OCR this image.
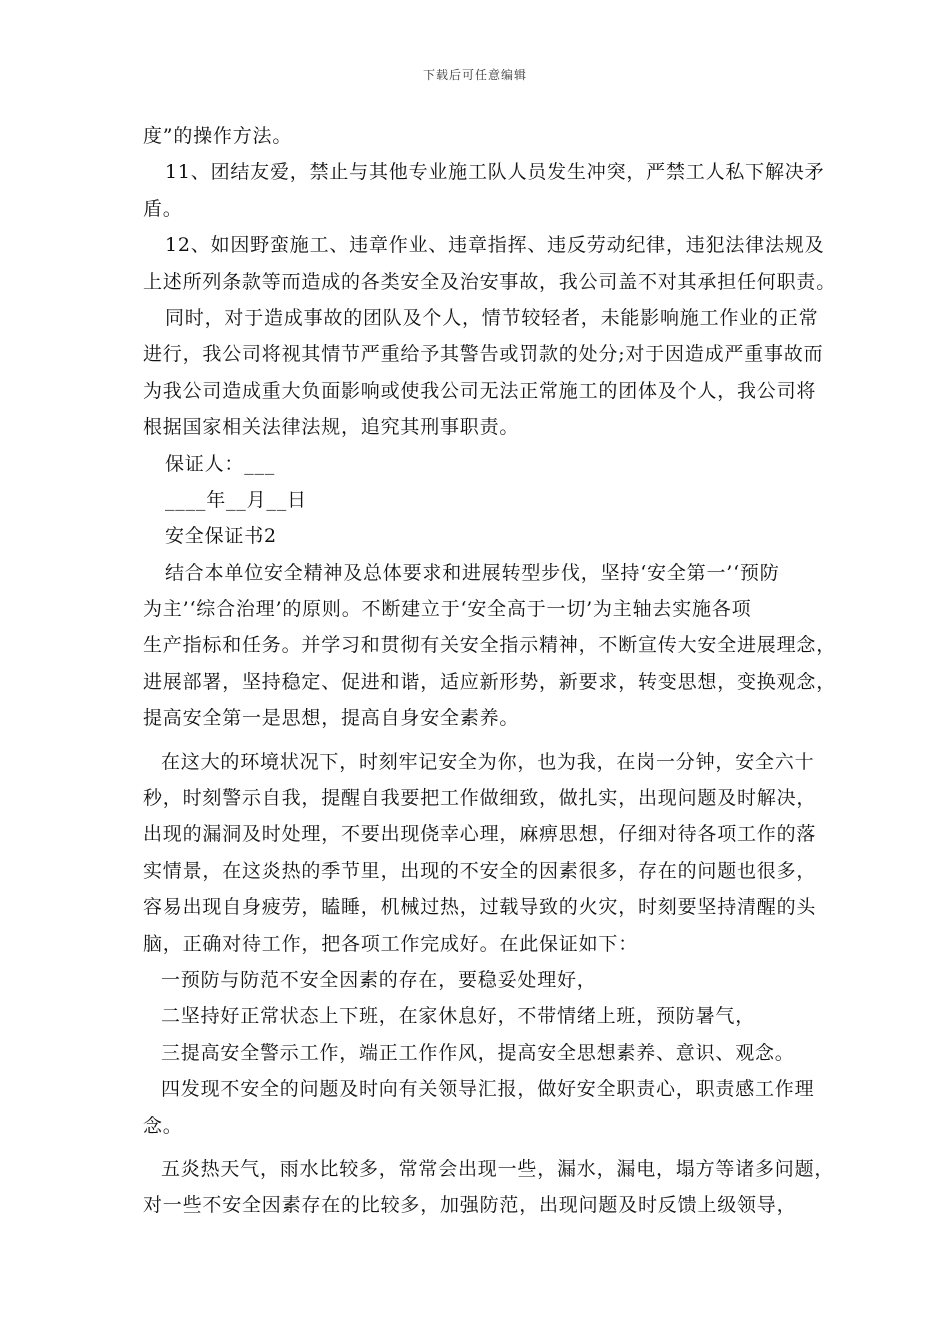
下载后可任意编辑
度”的操作方法。
11、团结友爱，禁止与其他专业施工队人员发生冲突，严禁工人私下解决矛
盾。
12、如因野蛮施工、违章作业、违章指挥、违反劳动纪律，违犯法律法规及
上述所列条款等而造成的各类安全及治安事故，我公司盖不对其承担任何职责。
同时，对于造成事故的团队及个人，情节较轻者，未能影响施工作业的正常
进行，我公司将视其情节严重给予其警告或罚款的处分;对于因造成严重事故而
为我公司造成重大负面影响或使我公司无法正常施工的团体及个人，我公司将
根据国家相关法律法规，追究其刑事职责。
保证人：___
____年__月__日
安全保证书2
结合本单位安全精神及总体要求和进展转型步伐，坚持‘安全第一’‘预防
为主’‘综合治理’的原则。不断建立于‘安全高于一切’为主轴去实施各项
生产指标和任务。并学习和贯彻有关安全指示精神，不断宣传大安全进展理念，
进展部署，坚持稳定、促进和谐，适应新形势，新要求，转变思想，变换观念，
提高安全第一是思想，提高自身安全素养。
在这大的环境状况下，时刻牢记安全为你，也为我，在岗一分钟，安全六十
秒，时刻警示自我，提醒自我要把工作做细致，做扎实，出现问题及时解决，
出现的漏洞及时处理，不要出现侥幸心理，麻痹思想，仔细对待各项工作的落
实情景，在这炎热的季节里，出现的不安全的因素很多，存在的问题也很多，
容易出现自身疲劳，瞌睡，机械过热，过载导致的火灾，时刻要坚持清醒的头
脑，正确对待工作，把各项工作完成好。在此保证如下：
一预防与防范不安全因素的存在，要稳妥处理好，
二坚持好正常状态上下班，在家休息好，不带情绪上班，预防暑气，
三提高安全警示工作，端正工作作风，提高安全思想素养、意识、观念。
四发现不安全的问题及时向有关领导汇报，做好安全职责心，职责感工作理
念。
五炎热天气，雨水比较多，常常会出现一些，漏水，漏电，塌方等诸多问题，
对一些不安全因素存在的比较多，加强防范，出现问题及时反馈上级领导，
